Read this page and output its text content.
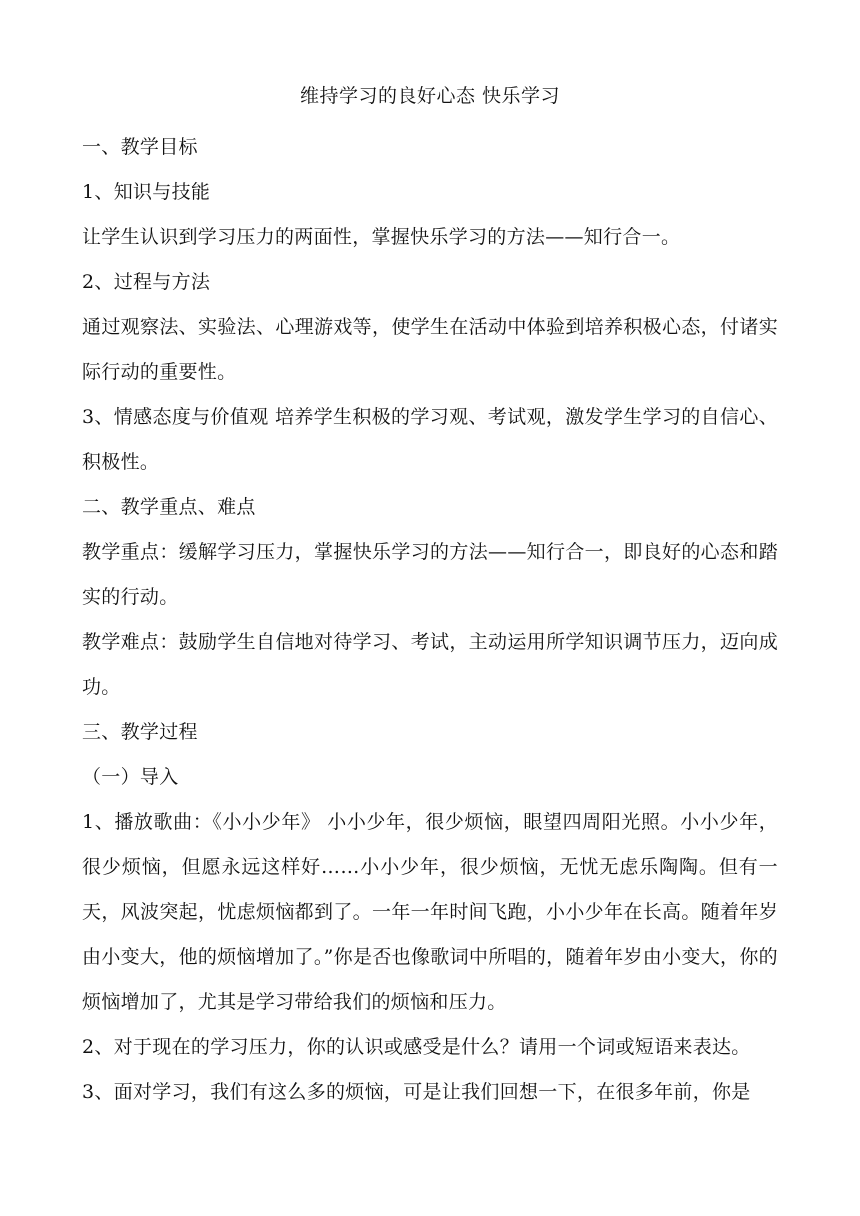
维持学习的良好心态 快乐学习

一、教学目标

1、知识与技能

让学生认识到学习压力的两面性，掌握快乐学习的方法——知行合一。

2、过程与方法

通过观察法、实验法、心理游戏等，使学生在活动中体验到培养积极心态，付诸实际行动的重要性。

3、情感态度与价值观 培养学生积极的学习观、考试观，激发学生学习的自信心、积极性。

二、教学重点、难点

教学重点：缓解学习压力，掌握快乐学习的方法——知行合一，即良好的心态和踏实的行动。

教学难点：鼓励学生自信地对待学习、考试，主动运用所学知识调节压力，迈向成功。

三、教学过程

（一）导入

1、播放歌曲：《小小少年》 小小少年，很少烦恼，眼望四周阳光照。小小少年，很少烦恼，但愿永远这样好……小小少年，很少烦恼，无忧无虑乐陶陶。但有一天，风波突起，忧虑烦恼都到了。一年一年时间飞跑，小小少年在长高。随着年岁由小变大，他的烦恼增加了。”你是否也像歌词中所唱的，随着年岁由小变大，你的烦恼增加了，尤其是学习带给我们的烦恼和压力。

2、对于现在的学习压力，你的认识或感受是什么？请用一个词或短语来表达。

3、面对学习，我们有这么多的烦恼，可是让我们回想一下，在很多年前，你是
